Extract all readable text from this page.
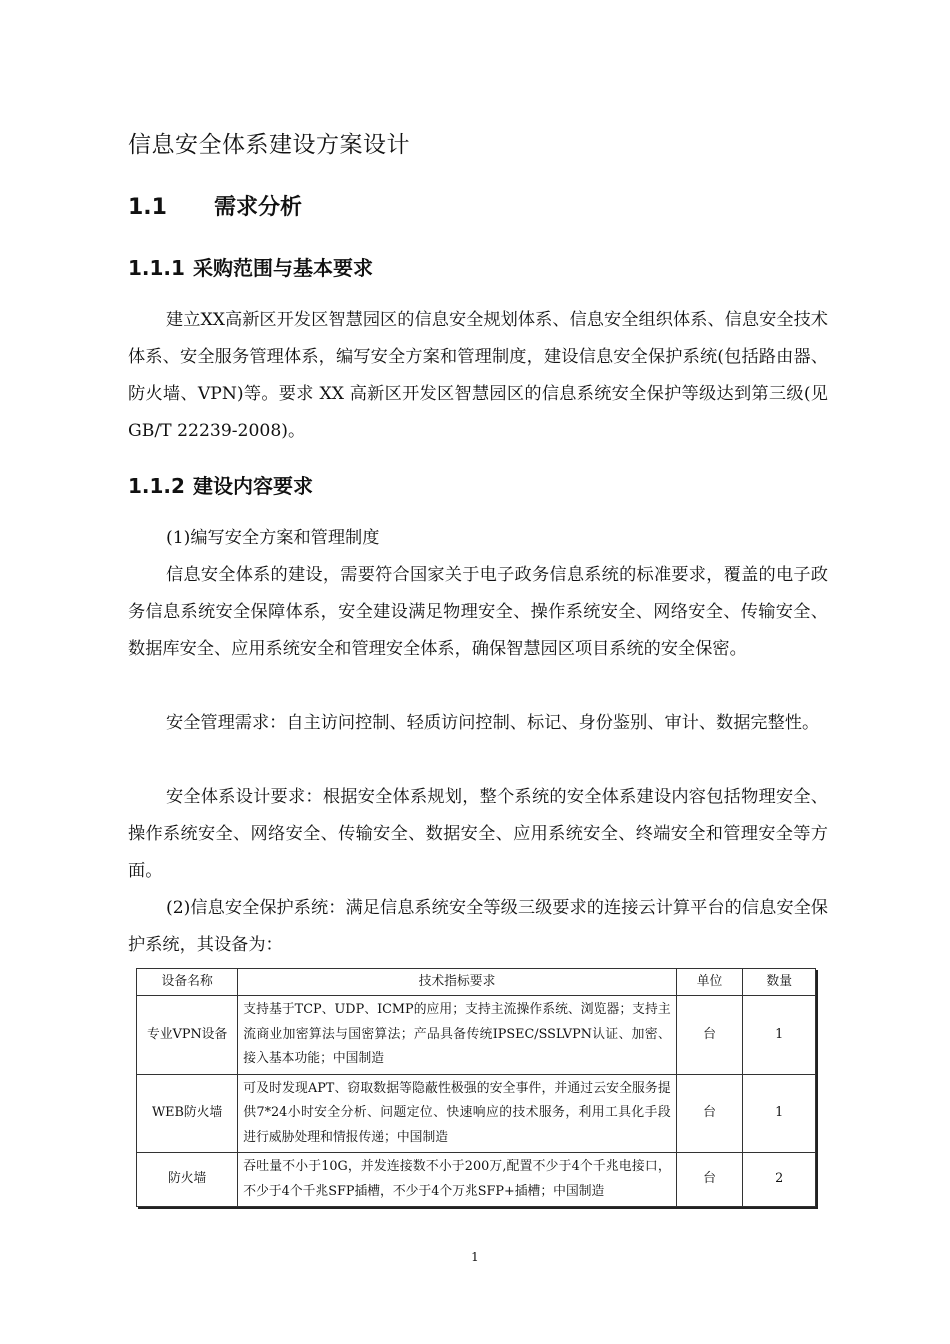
信息安全体系建设方案设计
1.1 需求分析
1.1.1 采购范围与基本要求

建立XX高新区开发区智慧园区的信息安全规划体系、信息安全组织体系、信息安全技术体系、安全服务管理体系，编写安全方案和管理制度，建设信息安全保护系统(包括路由器、防火墙、VPN)等。要求 XX 高新区开发区智慧园区的信息系统安全保护等级达到第三级(见GB/T 22239-2008)。

1.1.2 建设内容要求

(1)编写安全方案和管理制度

信息安全体系的建设，需要符合国家关于电子政务信息系统的标准要求，覆盖的电子政务信息系统安全保障体系，安全建设满足物理安全、操作系统安全、网络安全、传输安全、数据库安全、应用系统安全和管理安全体系，确保智慧园区项目系统的安全保密。

安全管理需求：自主访问控制、轻质访问控制、标记、身份鉴别、审计、数据完整性。

安全体系设计要求：根据安全体系规划，整个系统的安全体系建设内容包括物理安全、操作系统安全、网络安全、传输安全、数据安全、应用系统安全、终端安全和管理安全等方面。

(2)信息安全保护系统：满足信息系统安全等级三级要求的连接云计算平台的信息安全保护系统，其设备为：

设备名称	技术指标要求	单位	数量
专业VPN设备	支持基于TCP、UDP、ICMP的应用；支持主流操作系统、浏览器；支持主流商业加密算法与国密算法；产品具备传统IPSEC/SSLVPN认证、加密、接入基本功能；中国制造	台	1
WEB防火墙	可及时发现APT、窃取数据等隐蔽性极强的安全事件，并通过云安全服务提供7*24小时安全分析、问题定位、快速响应的技术服务，利用工具化手段进行威胁处理和情报传递；中国制造	台	1
防火墙	吞吐量不小于10G，并发连接数不小于200万,配置不少于4个千兆电接口，不少于4个千兆SFP插槽，不少于4个万兆SFP+插槽；中国制造	台	2
1
